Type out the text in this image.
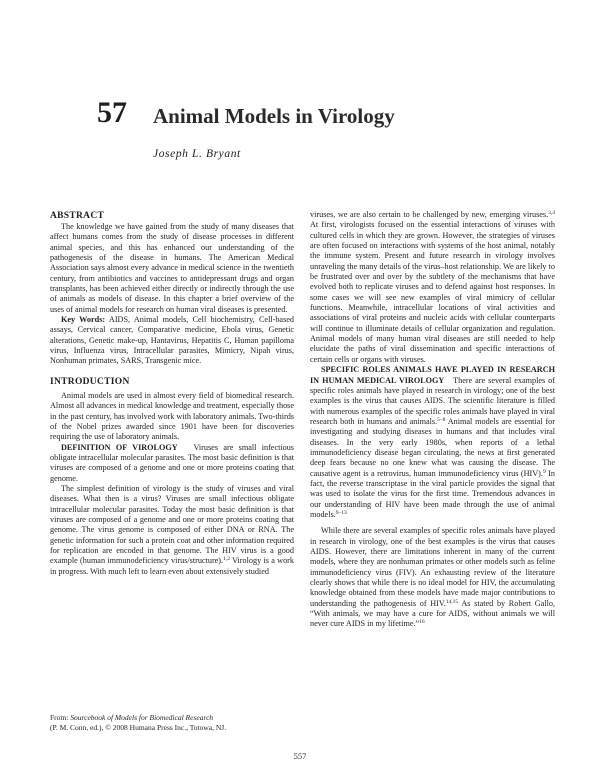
57 Animal Models in Virology
Joseph L. Bryant
ABSTRACT

The knowledge we have gained from the study of many diseases that affect humans comes from the study of disease processes in different animal species, and this has enhanced our understanding of the pathogenesis of the disease in humans. The American Medical Association says almost every advance in medical science in the twentieth century, from antibiotics and vaccines to antidepressant drugs and organ transplants, has been achieved either directly or indirectly through the use of animals as models of disease. In this chapter a brief overview of the uses of animal models for research on human viral diseases is presented.

Key Words: AIDS, Animal models, Cell biochemistry, Cell-based assays, Cervical cancer, Comparative medicine, Ebola virus, Genetic alterations, Genetic make-up, Hantavirus, Hepatitis C, Human papilloma virus, Influenza virus, Intracellular parasites, Mimicry, Nipah virus, Nonhuman primates, SARS, Transgenic mice.

INTRODUCTION

Animal models are used in almost every field of biomedical research. Almost all advances in medical knowledge and treatment, especially those in the past century, has involved work with laboratory animals. Two-thirds of the Nobel prizes awarded since 1901 have been for discoveries requiring the use of laboratory animals.

DEFINITION OF VIROLOGY Viruses are small infectious obligate intracellular molecular parasites. The most basic definition is that viruses are composed of a genome and one or more proteins coating that genome.

The simplest definition of virology is the study of viruses and viral diseases. What then is a virus? Viruses are small infectious obligate intracellular molecular parasites. Today the most basic definition is that viruses are composed of a genome and one or more proteins coating that genome. The virus genome is composed of either DNA or RNA. The genetic information for such a protein coat and other information required for replication are encoded in that genome. The HIV virus is a good example (human immunodeficiency virus/structure).$^{1,2}$ Virology is a work in progress. With much left to learn even about extensively studied

viruses, we are also certain to be challenged by new, emerging viruses.$^{3,4}$ At first, virologists focused on the essential interactions of viruses with cultured cells in which they are grown. However, the strategies of viruses are often focused on interactions with systems of the host animal, notably the immune system. Present and future research in virology involves unraveling the many details of the virus–host relationship. We are likely to be frustrated over and over by the subtlety of the mechanisms that have evolved both to replicate viruses and to defend against host responses. In some cases we will see new examples of viral mimicry of cellular functions. Meanwhile, intracellular locations of viral activities and associations of viral proteins and nucleic acids with cellular counterparts will continue to illuminate details of cellular organization and regulation. Animal models of many human viral diseases are still needed to help elucidate the paths of viral dissemination and specific interactions of certain cells or organs with viruses.

SPECIFIC ROLES ANIMALS HAVE PLAYED IN RESEARCH IN HUMAN MEDICAL VIROLOGY There are several examples of specific roles animals have played in research in virology; one of the best examples is the virus that causes AIDS. The scientific literature is filled with numerous examples of the specific roles animals have played in viral research both in humans and animals.$^{5-8}$ Animal models are essential for investigating and studying diseases in humans and that includes viral diseases. In the very early 1980s, when reports of a lethal immunodeficiency disease began circulating, the news at first generated deep fears because no one knew what was causing the disease. The causative agent is a retrovirus, human immunodeficiency virus (HIV).$^9$ In fact, the reverse transcriptase in the viral particle provides the signal that was used to isolate the virus for the first time. Tremendous advances in our understanding of HIV have been made through the use of animal models.$^{9-13}$

While there are several examples of specific roles animals have played in research in virology, one of the best examples is the virus that causes AIDS. However, there are limitations inherent in many of the current models, where they are nonhuman primates or other models such as feline immunodeficiency virus (FIV). An exhausting review of the literature clearly shows that while there is no ideal model for HIV, the accumulating knowledge obtained from these models have made major contributions to understanding the pathogenesis of HIV.$^{14,15}$ As stated by Robert Gallo, “With animals, we may have a cure for AIDS, without animals we will never cure AIDS in my lifetime.”$^{16}$

From: Sourcebook of Models for Biomedical Research
(P. M. Conn, ed.), © 2008 Humana Press Inc., Totowa, NJ.
557
